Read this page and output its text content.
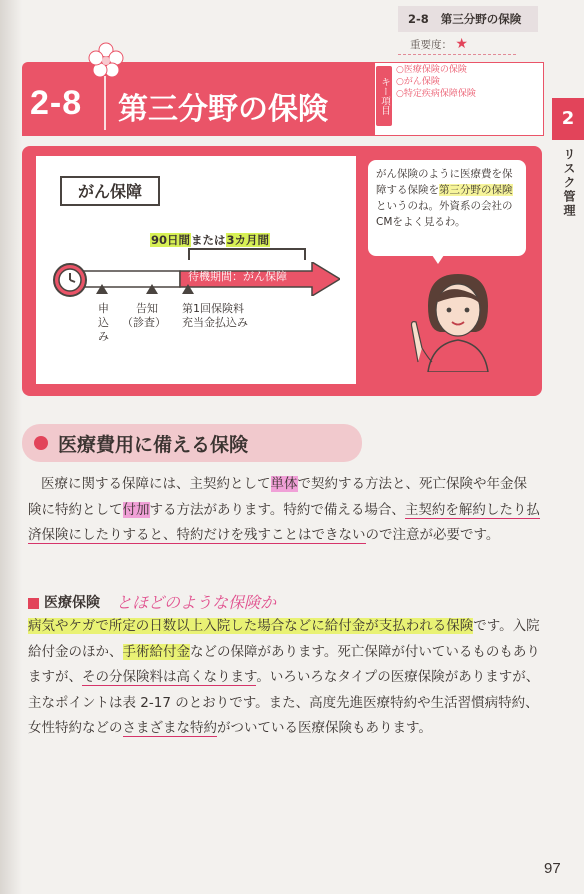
2-8 第三分野の保険
重要度： ★
2
リスク管理
2-8 第三分野の保険	キー項目
○医療保険の保険
○がん保険
○特定疾病保障保険
がん保障
90日間または3カ月間
待機期間：がん保障
申
込
み
告知
（診査）
第1回保険料
充当金払込み
がん保険のように医療費を保障する保険を第三分野の保険というのね。外資系の会社のCMをよく見るわ。
医療費用に備える保険
医療に関する保障には、主契約として単体で契約する方法と、死亡保険や年金保険に特約として付加する方法があります。特約で備える場合、主契約を解約したり払済保険にしたりすると、特約だけを残すことはできないので注意が必要です。
医療保険 とほどのような保険か
病気やケガで所定の日数以上入院した場合などに給付金が支払われる保険です。入院給付金のほか、手術給付金などの保障があります。死亡保障が付いているものもありますが、その分保険料は高くなります。いろいろなタイプの医療保険がありますが、主なポイントは表 2-17 のとおりです。また、高度先進医療特約や生活習慣病特約、女性特約などのさまざまな特約がついている医療保険もあります。
97
